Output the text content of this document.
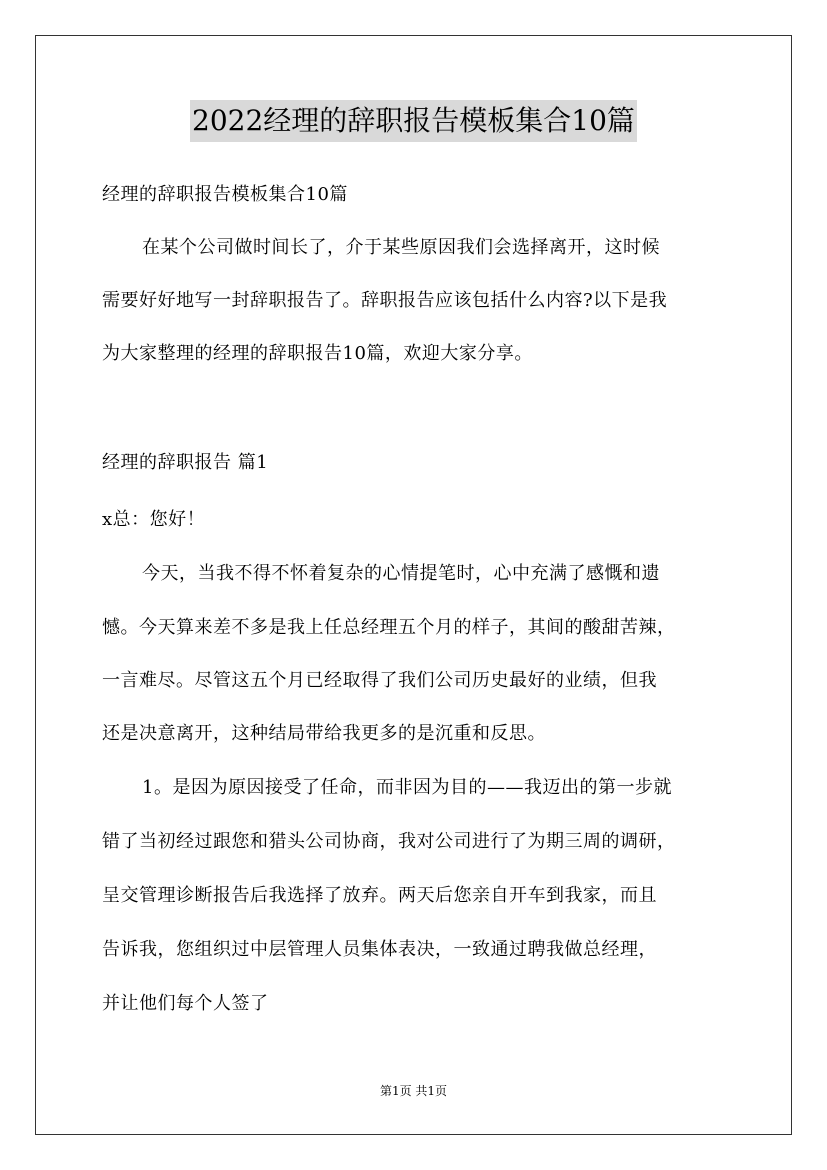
2022经理的辞职报告模板集合10篇
经理的辞职报告模板集合10篇
在某个公司做时间长了，介于某些原因我们会选择离开，这时候
需要好好地写一封辞职报告了。辞职报告应该包括什么内容?以下是我
为大家整理的经理的辞职报告10篇，欢迎大家分享。
经理的辞职报告 篇1
x总：您好！
今天，当我不得不怀着复杂的心情提笔时，心中充满了感慨和遗
憾。今天算来差不多是我上任总经理五个月的样子，其间的酸甜苦辣，
一言难尽。尽管这五个月已经取得了我们公司历史最好的业绩，但我
还是决意离开，这种结局带给我更多的是沉重和反思。
1。是因为原因接受了任命，而非因为目的——我迈出的第一步就
错了当初经过跟您和猎头公司协商，我对公司进行了为期三周的调研，
呈交管理诊断报告后我选择了放弃。两天后您亲自开车到我家，而且
告诉我，您组织过中层管理人员集体表决，一致通过聘我做总经理，
并让他们每个人签了
第1页 共1页
